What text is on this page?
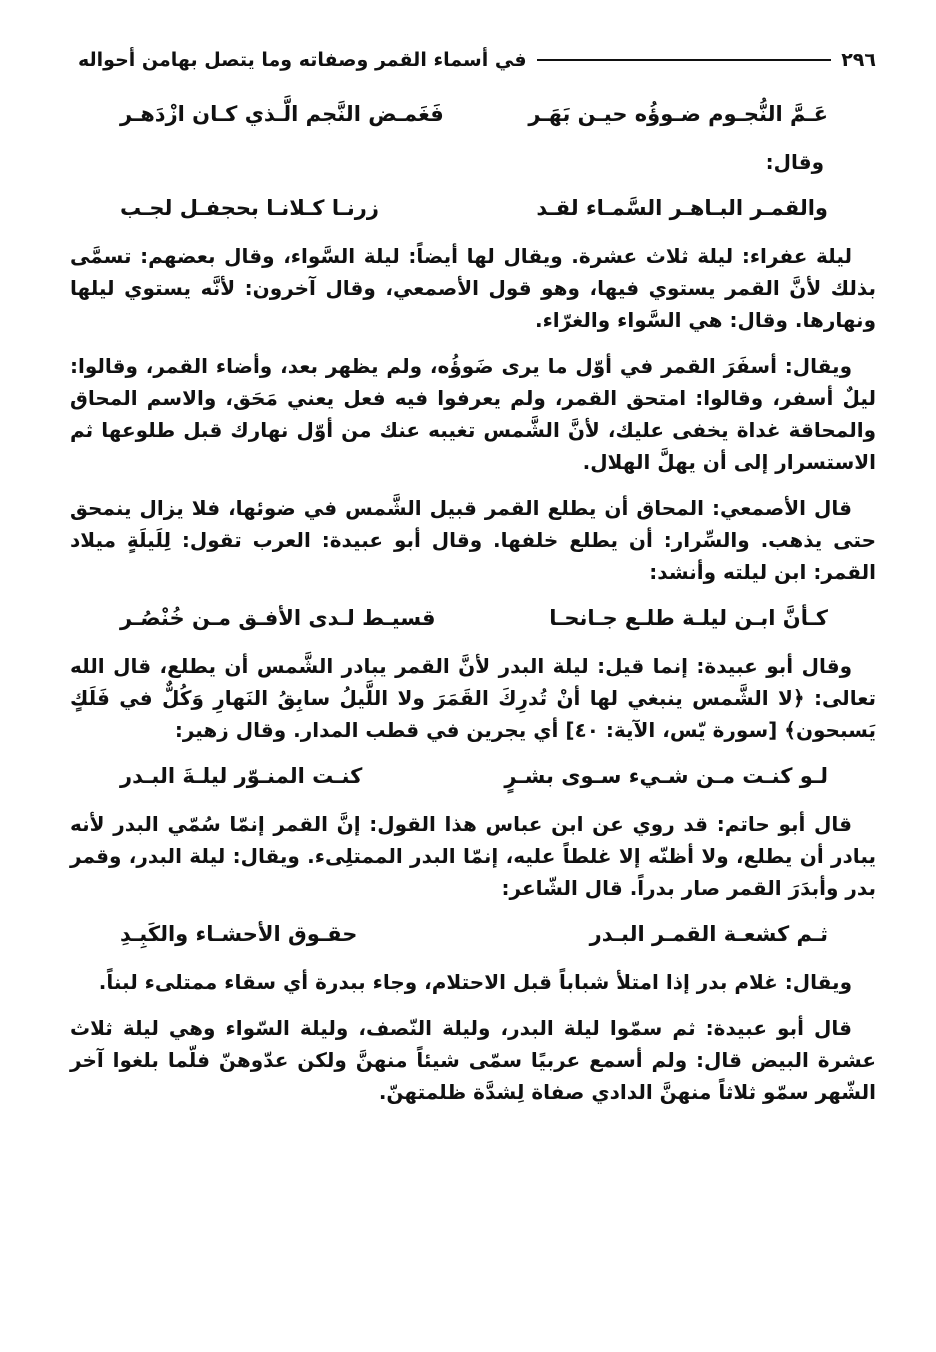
٢٩٦
في أسماء القمر وصفاته وما يتصل بهامن أحواله
عَـمَّ النُّجـوم ضـوؤُه حيـن بَهَـر
فَغَمـض النَّجم الَّـذي كـان ازْدَهـر
وقال:
والقمـر البـاهـر السَّمـاء لقـد
زرنـا كـلانـا بحجفـل لجـب

ليلة عفراء: ليلة ثلاث عشرة. ويقال لها أيضاً: ليلة السَّواء، وقال بعضهم: تسمَّى بذلك لأنَّ القمر يستوي فيها، وهو قول الأصمعي، وقال آخرون: لأنَّه يستوي ليلها ونهارها. وقال: هي السَّواء والغرّاء.

ويقال: أسفَرَ القمر في أوّل ما يرى ضَوؤُه، ولم يظهر بعد، وأضاء القمر، وقالوا: ليلٌ أسفر، وقالوا: امتحق القمر، ولم يعرفوا فيه فعل يعني مَحَق، والاسم المحاق والمحاقة غداة يخفى عليك، لأنَّ الشَّمس تغيبه عنك من أوّل نهارك قبل طلوعها ثم الاستسرار إلى أن يهلَّ الهلال.

قال الأصمعي: المحاق أن يطلع القمر قبيل الشَّمس في ضوئها، فلا يزال ينمحق حتى يذهب. والسِّرار: أن يطلع خلفها. وقال أبو عبيدة: العرب تقول: لِلَيلَةٍ ميلاد القمر: ابن ليلته وأنشد:

كـأنَّ ابـن ليلـة طلـع جـانحـا
قسيـط لـدى الأفـق مـن خُنْصُـر

وقال أبو عبيدة: إنما قيل: ليلة البدر لأنَّ القمر يبادر الشَّمس أن يطلع، قال الله تعالى: ﴿لا الشَّمس ينبغي لها أنْ تُدرِكَ القَمَرَ ولا اللَّيلُ سابِقُ النَهارِ وَكُلٌّ في فَلَكٍ يَسبحون﴾ [سورة يّس، الآية: ٤٠] أي يجرين في قطب المدار. وقال زهير:

لـو كنـت مـن شـيء سـوى بشـرٍ
كنـت المنـوّر ليلـةَ البـدر

قال أبو حاتم: قد روي عن ابن عباس هذا القول: إنَّ القمر إنمّا سُمّي البدر لأنه يبادر أن يطلع، ولا أظنّه إلا غلطاً عليه، إنمّا البدر الممتلِىء. ويقال: ليلة البدر، وقمر بدر وأبدَرَ القمر صار بدراً. قال الشّاعر:

ثـم كشعـة القمـر البـدر
حقـوق الأحشـاء والكَبِـدِ

ويقال: غلام بدر إذا امتلأ شباباً قبل الاحتلام، وجاء ببدرة أي سقاء ممتلىء لبناً.

قال أبو عبيدة: ثم سمّوا ليلة البدر، وليلة النّصف، وليلة السّواء وهي ليلة ثلاث عشرة البيض قال: ولم أسمع عربيًا سمّى شيئاً منهنَّ ولكن عدّوهنّ فلّما بلغوا آخر الشّهر سمّو ثلاثاً منهنَّ الدادي صفاة لِشدَّة ظلمتهنّ.
